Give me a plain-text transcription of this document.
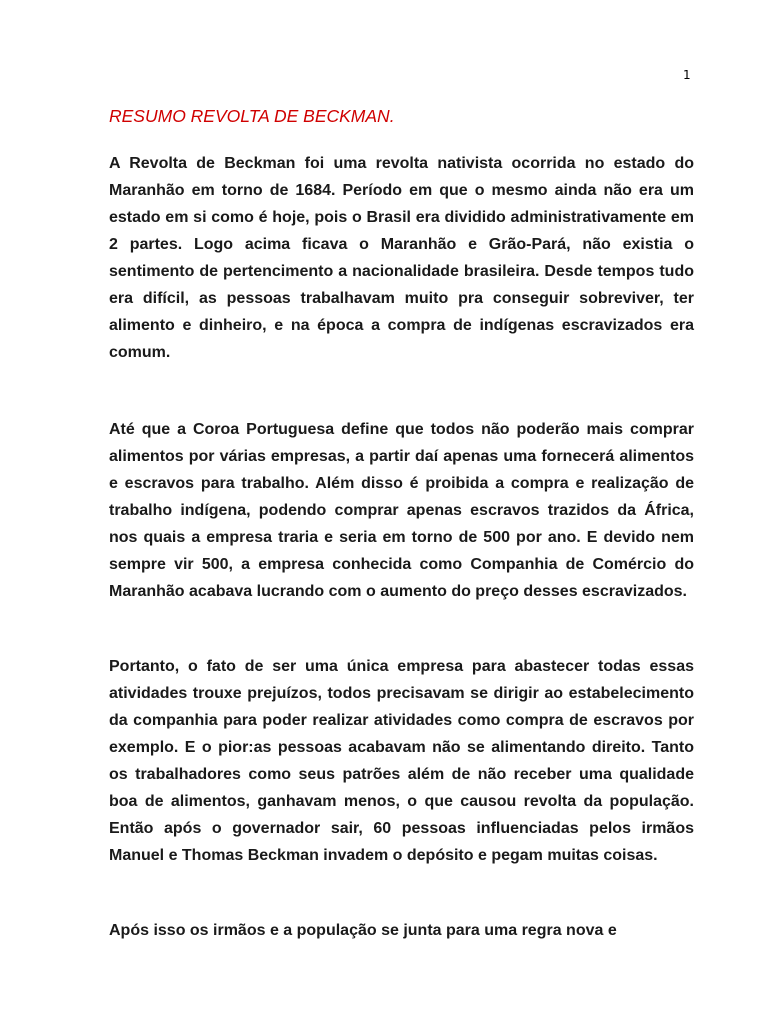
1
RESUMO REVOLTA DE BECKMAN.

A Revolta de Beckman foi uma revolta nativista ocorrida no estado do Maranhão em torno de 1684. Período em que o mesmo ainda não era um estado em si como é hoje, pois o Brasil era dividido administrativamente em 2 partes. Logo acima ficava o Maranhão e Grão-Pará, não existia o sentimento de pertencimento a nacionalidade brasileira. Desde tempos tudo era difícil, as pessoas trabalhavam muito pra conseguir sobreviver, ter alimento e dinheiro, e na época a compra de indígenas escravizados era comum.

Até que a Coroa Portuguesa define que todos não poderão mais comprar alimentos por várias empresas, a partir daí apenas uma fornecerá alimentos e escravos para trabalho. Além disso é proibida a compra e realização de trabalho indígena, podendo comprar apenas escravos trazidos da África, nos quais a empresa traria e seria em torno de 500 por ano. E devido nem sempre vir 500, a empresa conhecida como Companhia de Comércio do Maranhão acabava lucrando com o aumento do preço desses escravizados.

Portanto, o fato de ser uma única empresa para abastecer todas essas atividades trouxe prejuízos, todos precisavam se dirigir ao estabelecimento da companhia para poder realizar atividades como compra de escravos por exemplo. E o pior:as pessoas acabavam não se alimentando direito. Tanto os trabalhadores como seus patrões além de não receber uma qualidade boa de alimentos, ganhavam menos, o que causou revolta da população. Então após o governador sair, 60 pessoas influenciadas pelos irmãos Manuel e Thomas Beckman invadem o depósito e pegam muitas coisas.

Após isso os irmãos e a população se junta para uma regra nova e
